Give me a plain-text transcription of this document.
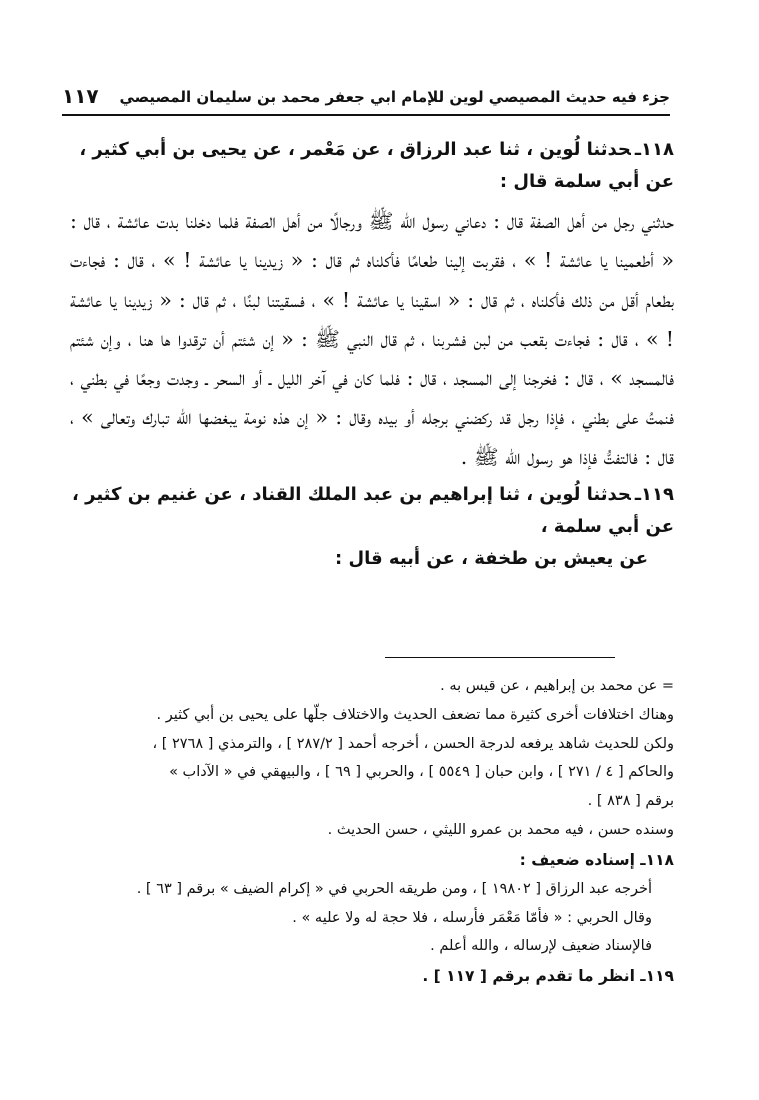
جزء فيه حديث المصيصي لوين للإمام ابي جعفر محمد بن سليمان المصيصي
١١٧

١١٨ـحدثنا لُوين ، ثنا عبد الرزاق ، عن مَعْمر ، عن يحيى بن أبي كثير ، عن أبي سلمة قال :

حدثني رجل من أهل الصفة قال : دعاني رسول الله ﷺ ورجالًا من أهل الصفة فلما دخلنا بدت عائشة ، قال : « أطعمينا يا عائشة ! » ، فقربت إلينا طعامًا فأكلناه ثم قال : « زيدينا يا عائشة ! » ، قال : فجاءت بطعام أقل من ذلك فأكلناه ، ثم قال : « اسقينا يا عائشة ! » ، فسقيتنا لبنًا ، ثم قال : « زيدينا يا عائشة ! » ، قال : فجاءت بقعب من لبن فشربنا ، ثم قال النبي ﷺ : « إن شئتم أن ترقدوا ها هنا ، وإن شئتم فالمسجد » ، قال : فخرجنا إلى المسجد ، قال : فلما كان في آخر الليل ـ أو السحر ـ وجدت وجعًا في بطني ، فنمتُ على بطني ، فإذا رجل قد ركضني برجله أو بيده وقال : « إن هذه نومة يبغضها الله تبارك وتعالى » ، قال : فالتفتُّ فإذا هو رسول الله ﷺ .

١١٩ـحدثنا لُوين ، ثنا إبراهيم بن عبد الملك القناد ، عن غنيم بن كثير ، عن أبي سلمة ،

عن يعيش بن طخفة ، عن أبيه قال :

= عن محمد بن إبراهيم ، عن قيس به .

وهناك اختلافات أخرى كثيرة مما تضعف الحديث والاختلاف جلّها على يحيى بن أبي كثير .

ولكن للحديث شاهد يرفعه لدرجة الحسن ، أخرجه أحمد [ ٢٨٧/٢ ] ، والترمذي [ ٢٧٦٨ ] ،

والحاكم [ ٤ / ٢٧١ ] ، وابن حبان [ ٥٥٤٩ ] ، والحربي [ ٦٩ ] ، والبيهقي في « الآداب »

برقم [ ٨٣٨ ] .

وسنده حسن ، فيه محمد بن عمرو الليثي ، حسن الحديث .

١١٨ـ إسناده ضعيف :

أخرجه عبد الرزاق [ ١٩٨٠٢ ] ، ومن طريقه الحربي في « إكرام الضيف » برقم [ ٦٣ ] .

وقال الحربي : « فأمّا مَعْمَر فأرسله ، فلا حجة له ولا عليه » .

فالإسناد ضعيف لإرساله ، والله أعلم .

١١٩ـ انظر ما تقدم برقم [ ١١٧ ] .
